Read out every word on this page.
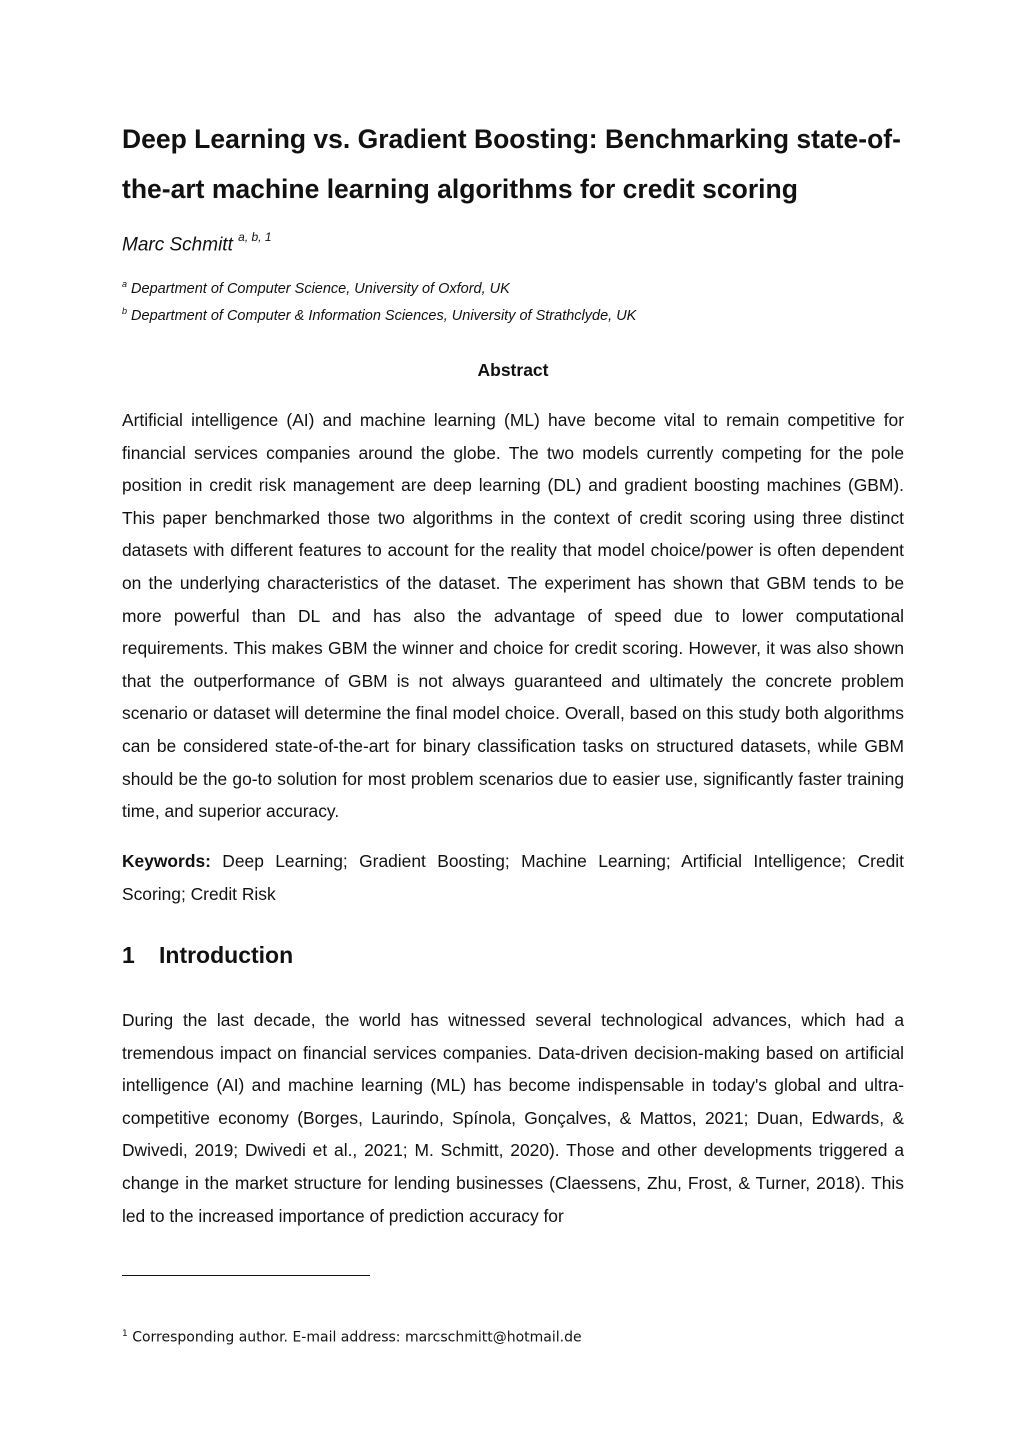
Deep Learning vs. Gradient Boosting: Benchmarking state-of-the-art machine learning algorithms for credit scoring

Marc Schmitt $^{a, b, 1}$

$^a$ Department of Computer Science, University of Oxford, UK

$^b$ Department of Computer & Information Sciences, University of Strathclyde, UK

Abstract

Artificial intelligence (AI) and machine learning (ML) have become vital to remain competitive for financial services companies around the globe. The two models currently competing for the pole position in credit risk management are deep learning (DL) and gradient boosting machines (GBM). This paper benchmarked those two algorithms in the context of credit scoring using three distinct datasets with different features to account for the reality that model choice/power is often dependent on the underlying characteristics of the dataset. The experiment has shown that GBM tends to be more powerful than DL and has also the advantage of speed due to lower computational requirements. This makes GBM the winner and choice for credit scoring. However, it was also shown that the outperformance of GBM is not always guaranteed and ultimately the concrete problem scenario or dataset will determine the final model choice. Overall, based on this study both algorithms can be considered state-of-the-art for binary classification tasks on structured datasets, while GBM should be the go-to solution for most problem scenarios due to easier use, significantly faster training time, and superior accuracy.

Keywords: Deep Learning; Gradient Boosting; Machine Learning; Artificial Intelligence; Credit Scoring; Credit Risk

1 Introduction

During the last decade, the world has witnessed several technological advances, which had a tremendous impact on financial services companies. Data-driven decision-making based on artificial intelligence (AI) and machine learning (ML) has become indispensable in today's global and ultra-competitive economy (Borges, Laurindo, Spínola, Gonçalves, & Mattos, 2021; Duan, Edwards, & Dwivedi, 2019; Dwivedi et al., 2021; M. Schmitt, 2020). Those and other developments triggered a change in the market structure for lending businesses (Claessens, Zhu, Frost, & Turner, 2018). This led to the increased importance of prediction accuracy for

$^1$ Corresponding author. E-mail address: marcschmitt@hotmail.de
